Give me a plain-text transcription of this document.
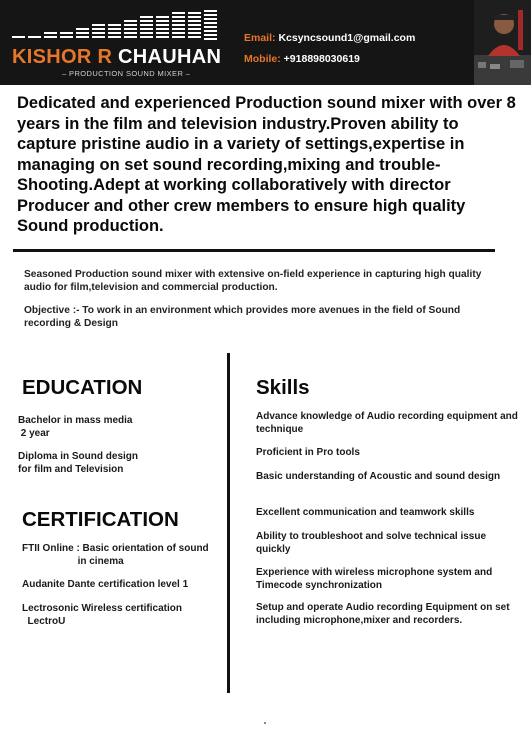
KISHOR R CHAUHAN
– PRODUCTION SOUND MIXER –
Email: Kcsyncsound1@gmail.com
Mobile: +918898030619

Dedicated and experienced Production sound mixer with over 8 years in the film and television industry.Proven ability to capture pristine audio in a variety of settings,expertise in managing on set sound recording,mixing and trouble-Shooting.Adept at working collaboratively with director Producer and other crew members to ensure high quality Sound production.

Seasoned Production sound mixer with extensive on-field experience in capturing high quality audio for film,television and commercial production.

Objective :- To work in an environment which provides more avenues in the field of Sound recording & Design

EDUCATION

Bachelor in mass media
2 year

Diploma in Sound design
for film and Television

CERTIFICATION

FTII Online : Basic orientation of sound
in cinema

Audanite Dante certification level 1

Lectrosonic Wireless certification
LectroU

Skills

Advance knowledge of Audio recording equipment and technique

Proficient in Pro tools

Basic understanding of Acoustic and sound design

Excellent communication and teamwork skills

Ability to troubleshoot and solve technical issue quickly

Experience with wireless microphone system and Timecode synchronization

Setup and operate Audio recording Equipment on set including microphone,mixer and recorders.
